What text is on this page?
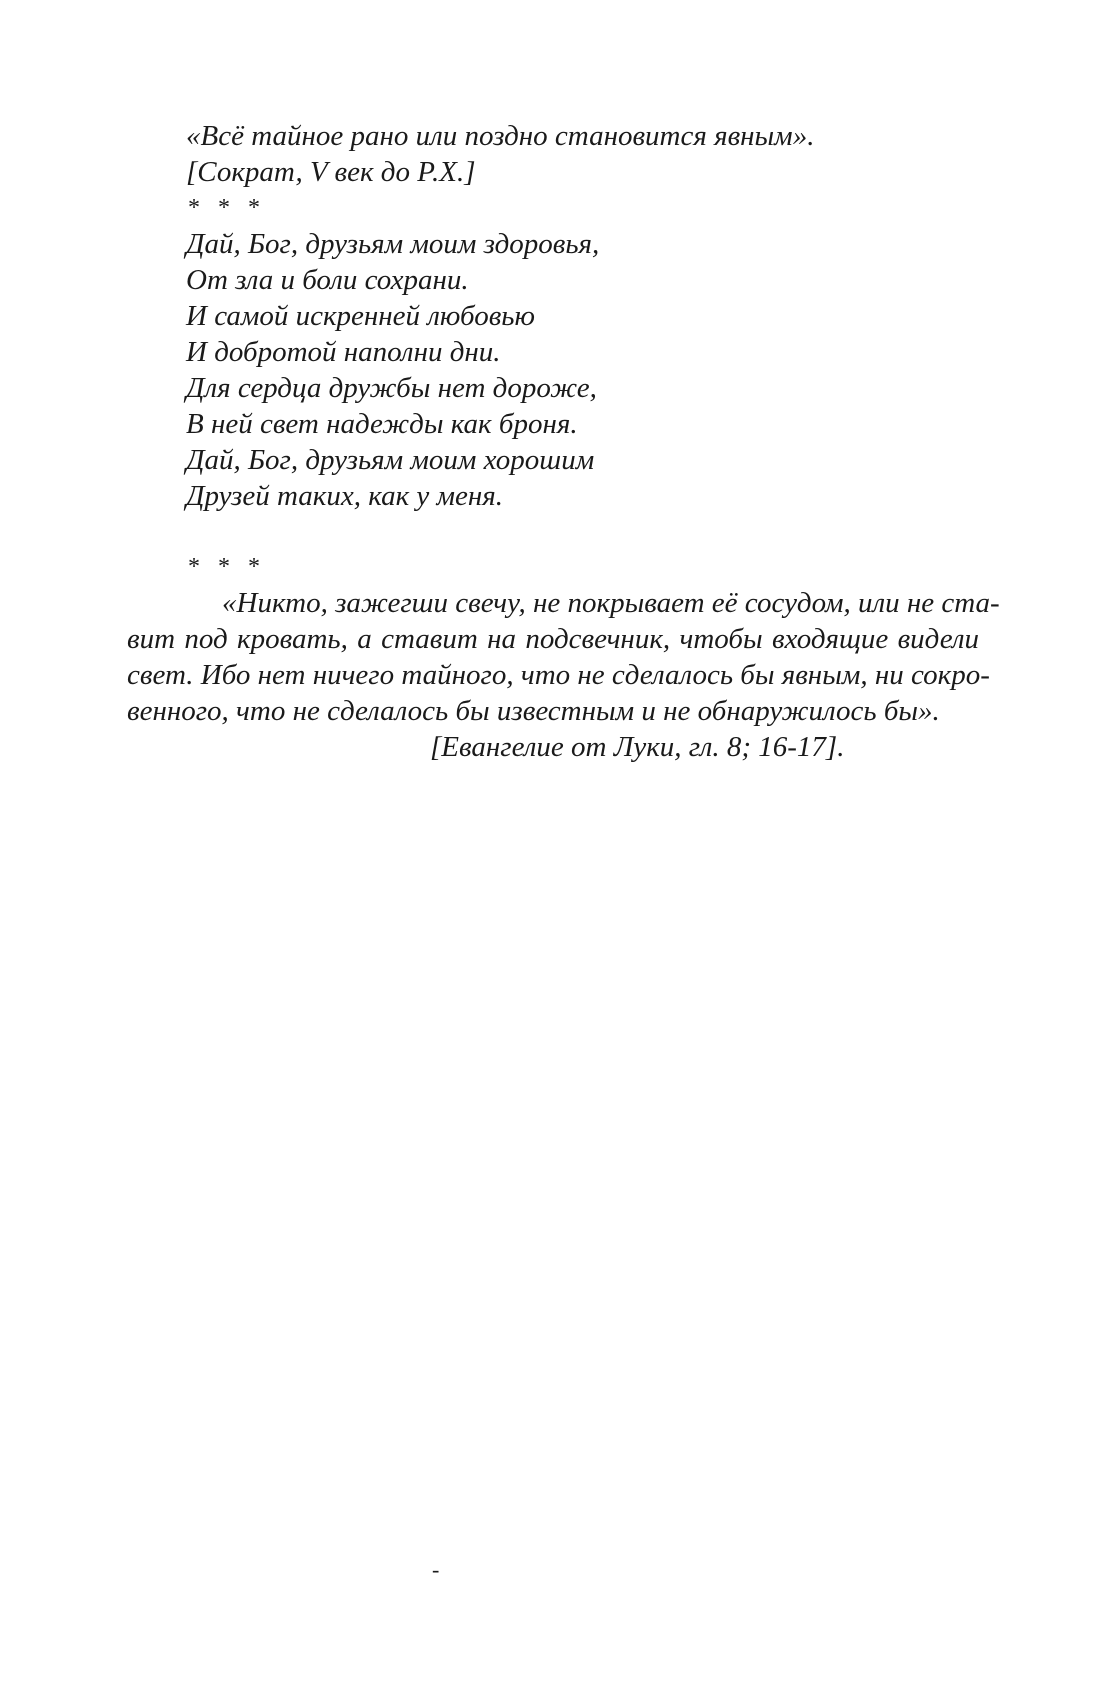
«Всё тайное рано или поздно становится явным».
[Сократ, V век до Р.Х.]
*   *   *
Дай, Бог, друзьям моим здоровья,
От зла и боли сохрани.
И самой искренней любовью
И добротой наполни дни.
Для сердца дружбы нет дороже,
В ней свет надежды как броня.
Дай, Бог, друзьям моим хорошим
Друзей таких, как у меня.
*   *   *
«Никто, зажегши свечу, не покрывает её сосудом, или не ста-
вит под кровать, а ставит на подсвечник, чтобы входящие видели
свет. Ибо нет ничего тайного, что не сделалось бы явным, ни сокро-
венного, что не сделалось бы известным и не обнаружилось бы».
[Евангелие от Луки, гл. 8; 16-17].
-
